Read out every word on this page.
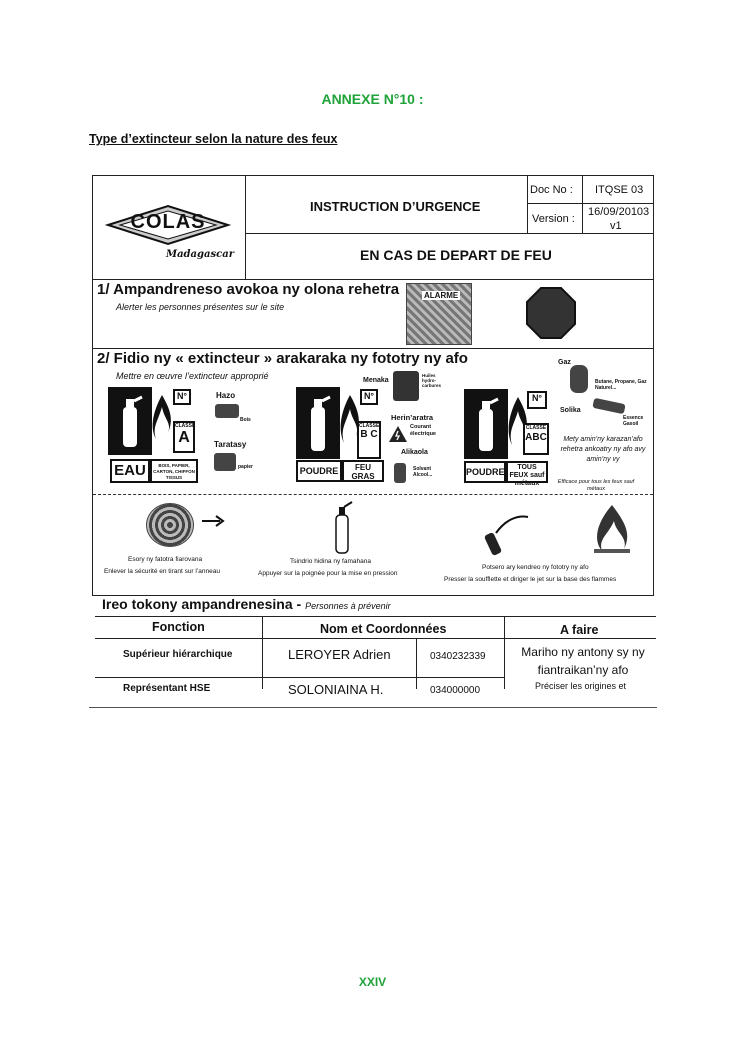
ANNEXE N°10 :
Type d’extincteur selon la nature des feux
COLAS
Madagascar
INSTRUCTION D’URGENCE
Doc No : ITQSE 03
Version :
16/09/20103
v1
EN CAS DE DEPART DE FEU
1/ Ampandreneso avokoa ny olona rehetra
Alerter les personnes présentes sur le site
ALARME
2/ Fidio ny « extincteur » arakaraka ny fototry ny afo
Mettre en œuvre l’extincteur approprié
N°
CLASSE
A
EAU	BOIS, PAPIER, CARTON, CHIFFON TISSUS
Hazo
Bois
Taratasy
papier
N°
CLASSE
B C
POUDRE	FEU GRAS
Menaka
Huiles hydro-carbures
Herin’aratra
Courant électrique
Alikaola
Solvant Alcool...
N°
CLASSE
ABC
POUDRE	TOUS FEUX sauf métaux
Gaz
Butane, Propane, Gaz Naturel...
Solika
Essence Gasoil
Mety amin’ny karazan’afo rehetra ankoatry ny afo avy amin’ny vy
Efficace pour tous les feux sauf métaux
Esory ny fatotra fiarovana
Enlever la sécurité en tirant sur l’anneau
Tsindrio hidina ny famahana
Appuyer sur la poignée pour la mise en pression
Potsero ary kendreo ny fototry ny afo
Presser la soufflette et diriger le jet sur la base des flammes
Ireo tokony ampandrenesina - Personnes à prévenir
Fonction	Nom et Coordonnées	A faire
Supérieur hiérarchique	LEROYER Adrien	0340232339	Mariho ny antony sy ny fiantraikan’ny afo
Représentant HSE	SOLONIAINA H.	034000000	Préciser les origines et
XXIV
